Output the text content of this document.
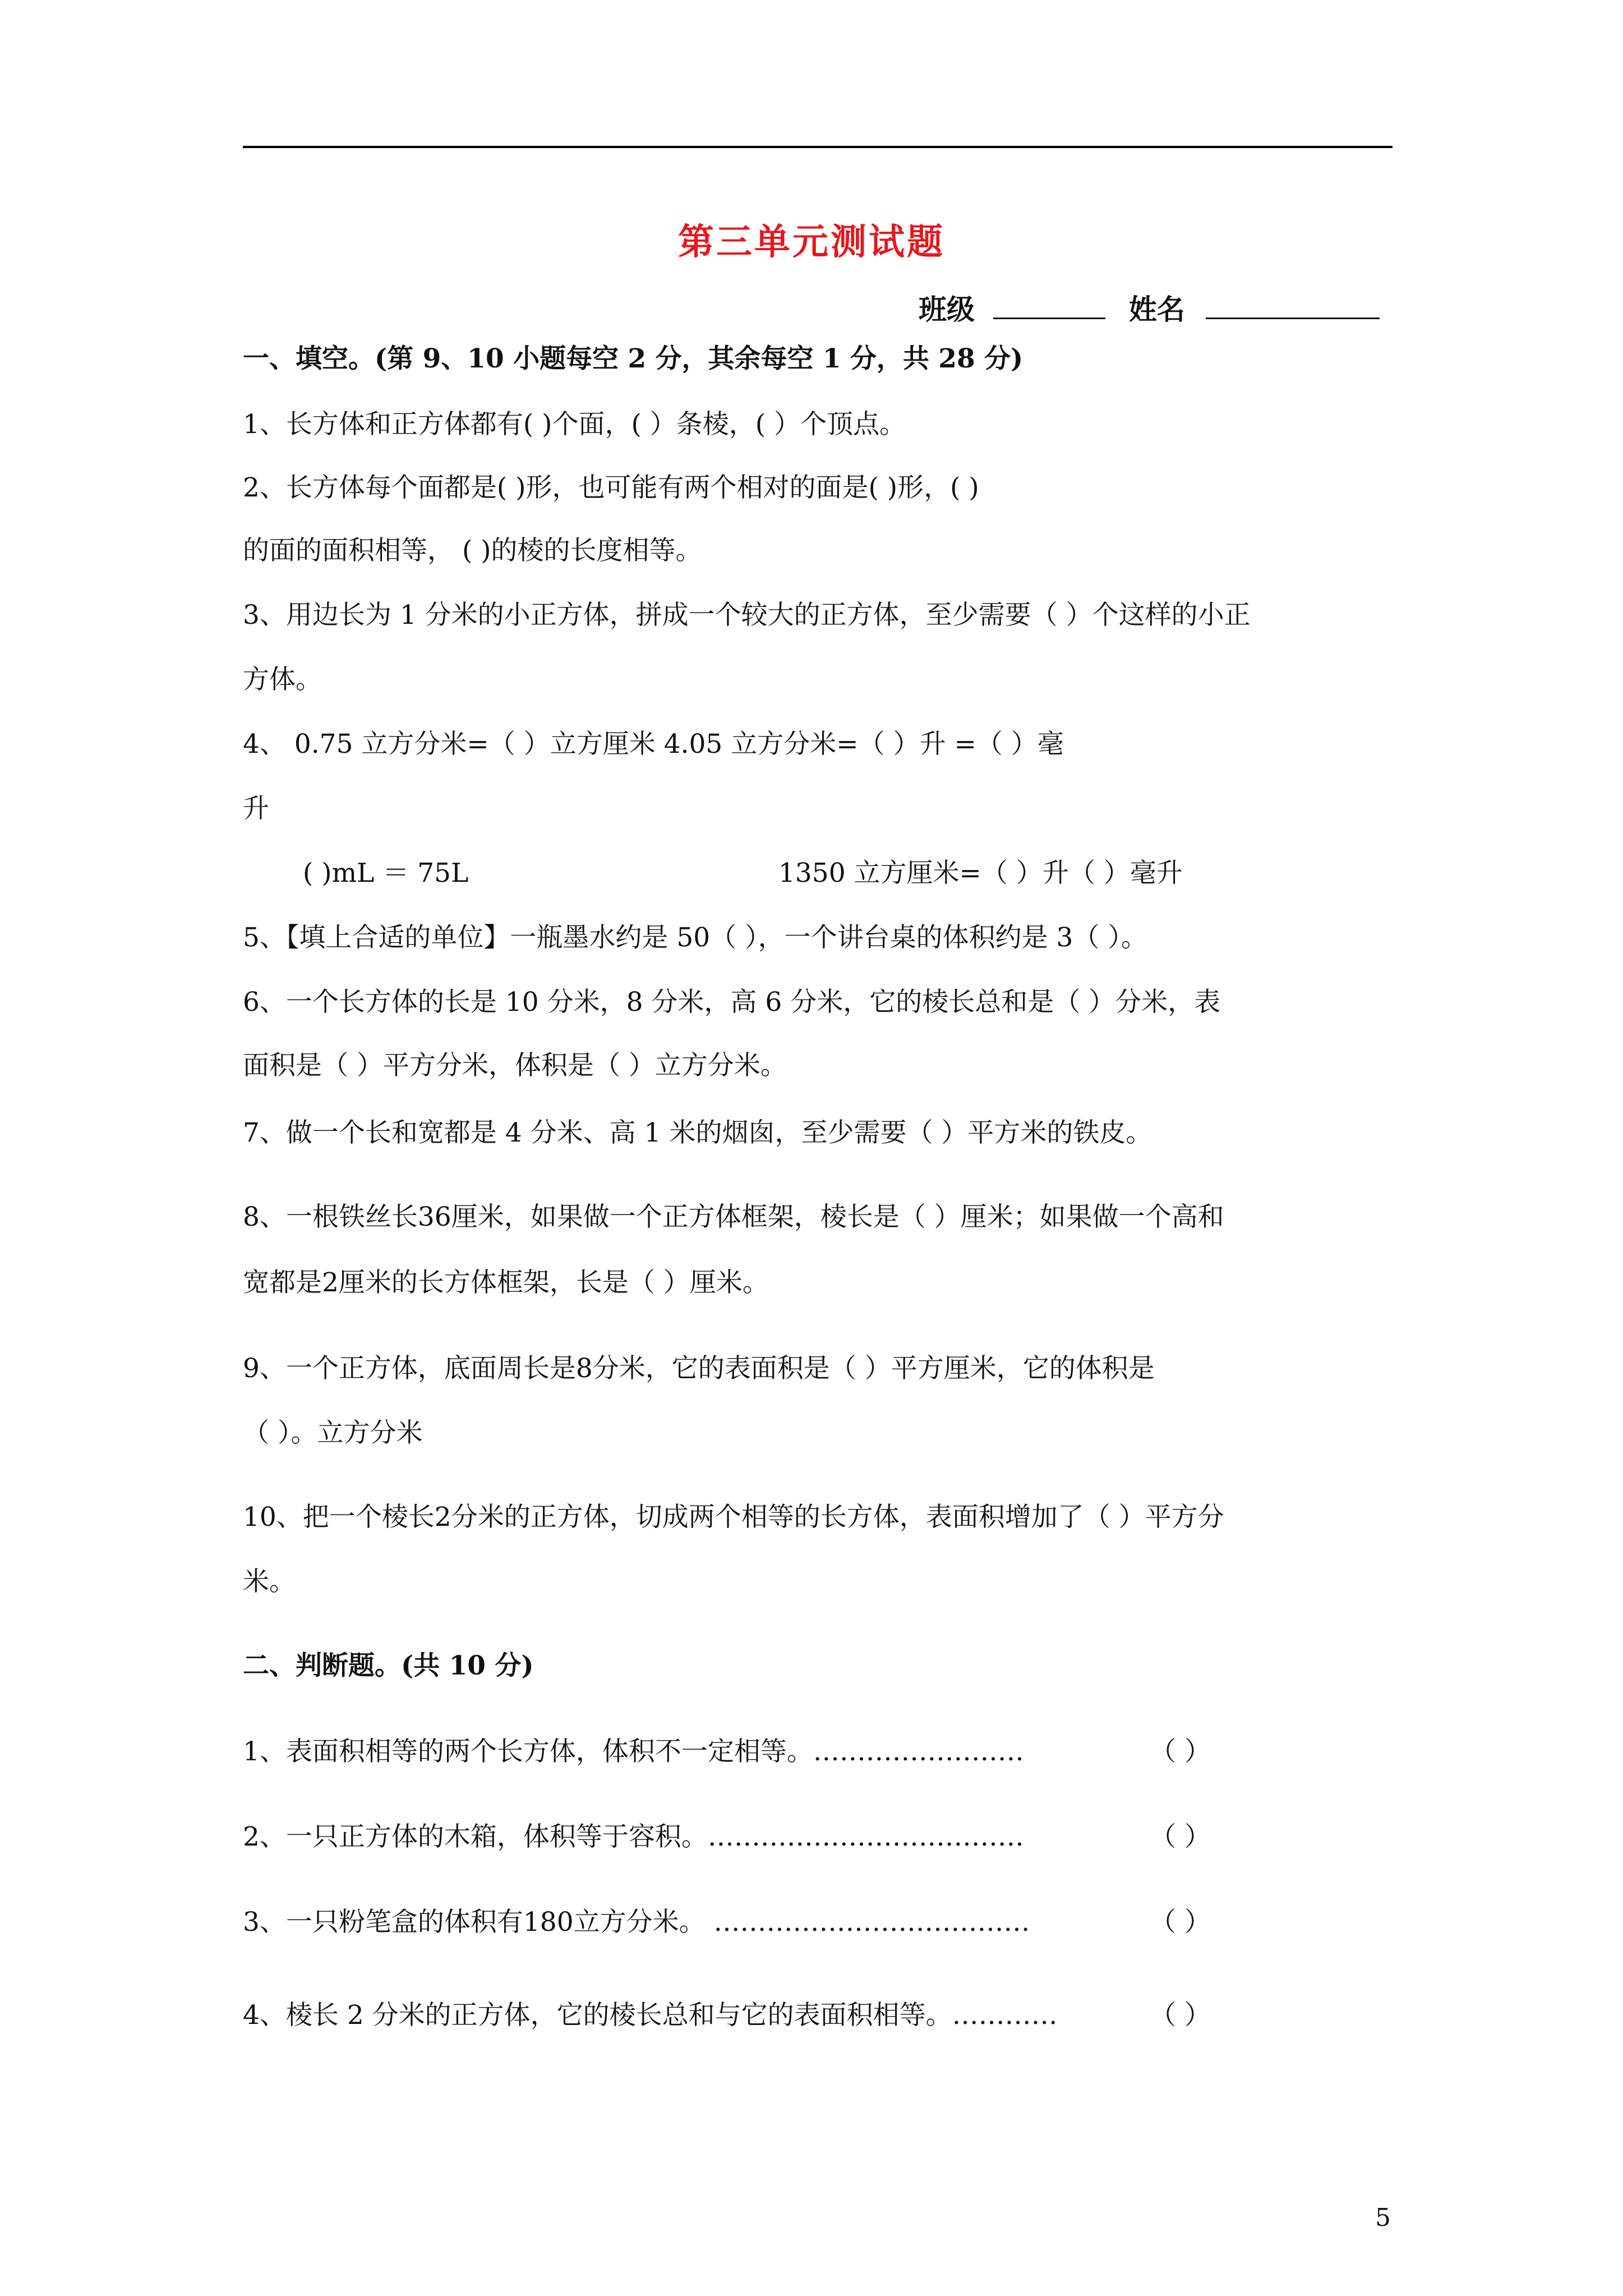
第三单元测试题
班级	姓名
一、填空。(第 9、10 小题每空 2 分，其余每空 1 分，共 28 分)
1、长方体和正方体都有( )个面，( ）条棱，( ）个顶点。
2、长方体每个面都是( )形，也可能有两个相对的面是( )形，( )
的面的面积相等， ( )的棱的长度相等。
3、用边长为 1 分米的小正方体，拼成一个较大的正方体，至少需要（ ）个这样的小正
方体。
4、 0.75 立方分米=（ ）立方厘米 4.05 立方分米=（ ）升 =（ ）毫
升
( )mL ＝ 75L	1350 立方厘米=（ ）升（ ）毫升
5、【填上合适的单位】一瓶墨水约是 50（ ），一个讲台桌的体积约是 3（ ）。
6、一个长方体的长是 10 分米，8 分米，高 6 分米，它的棱长总和是（ ）分米，表
面积是（ ）平方分米，体积是（ ）立方分米。
7、做一个长和宽都是 4 分米、高 1 米的烟囱，至少需要（ ）平方米的铁皮。
8、一根铁丝长36厘米，如果做一个正方体框架，棱长是（ ）厘米；如果做一个高和
宽都是2厘米的长方体框架，长是（ ）厘米。
9、一个正方体，底面周长是8分米，它的表面积是（ ）平方厘米，它的体积是
（ ）。立方分米
10、把一个棱长2分米的正方体，切成两个相等的长方体，表面积增加了（ ）平方分
米。
二、判断题。(共 10 分)
1、表面积相等的两个长方体，体积不一定相等。……………………	（ ）
2、一只正方体的木箱，体积等于容积。………………………………	（ ）
3、一只粉笔盒的体积有180立方分米。 ………………………………	（ ）
4、棱长 2 分米的正方体，它的棱长总和与它的表面积相等。…………	（ ）
5
